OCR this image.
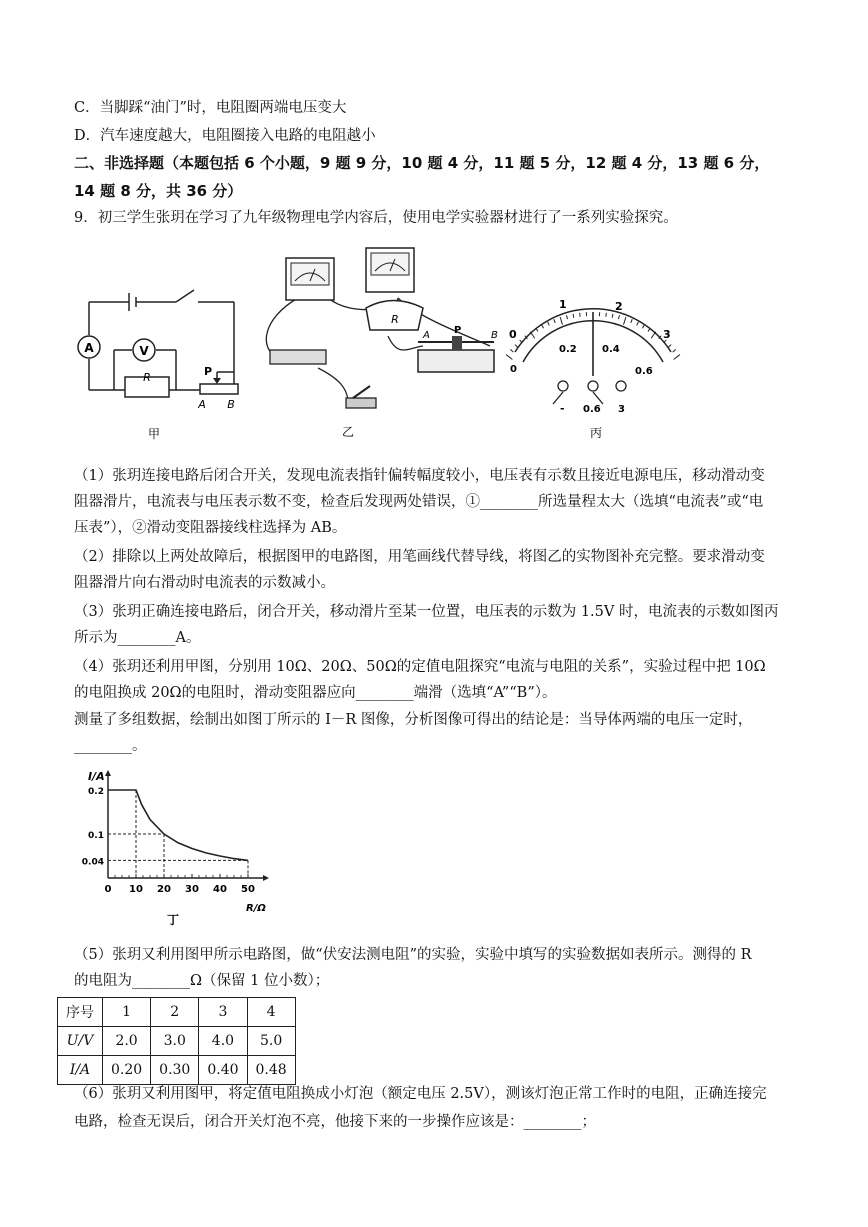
C．当脚踩“油门”时，电阻圈两端电压变大
D．汽车速度越大，电阻圈接入电路的电阻越小
二、非选择题（本题包括 6 个小题，9 题 9 分，10 题 4 分，11 题 5 分，12 题 4 分，13 题 6 分，
14 题 8 分，共 36 分）
9．初三学生张玥在学习了九年级物理电学内容后，使用电学实验器材进行了一系列实验探究。
A	V
R	P
A B
甲
R
A P	B
乙
0
1	2
3
0.2	0.4
0.6
0
- 0.6 3
丙
（1）张玥连接电路后闭合开关，发现电流表指针偏转幅度较小，电压表有示数且接近电源电压，移动滑动变
阻器滑片，电流表与电压表示数不变，检查后发现两处错误，①________所选量程太大（选填“电流表”或“电
压表”），②滑动变阻器接线柱选择为 AB。
（2）排除以上两处故障后，根据图甲的电路图，用笔画线代替导线，将图乙的实物图补充完整。要求滑动变
阻器滑片向右滑动时电流表的示数减小。
（3）张玥正确连接电路后，闭合开关，移动滑片至某一位置，电压表的示数为 1.5V 时，电流表的示数如图丙
所示为________A。
（4）张玥还利用甲图，分别用 10Ω、20Ω、50Ω的定值电阻探究“电流与电阻的关系”，实验过程中把 10Ω
的电阻换成 20Ω的电阻时，滑动变阻器应向________端滑（选填“A”“B”）。
测量了多组数据，绘制出如图丁所示的 I－R 图像，分析图像可得出的结论是：当导体两端的电压一定时，
________。
0 10 20 30 40 50
0.2
0.1
0.04
I/A
R/Ω
丁
（5）张玥又利用图甲所示电路图，做“伏安法测电阻”的实验，实验中填写的实验数据如表所示。测得的 R
的电阻为________Ω（保留 1 位小数）；
序号	1	2	3	4
U/V	2.0	3.0	4.0	5.0
I/A	0.20	0.30	0.40	0.48
（6）张玥又利用图甲，将定值电阻换成小灯泡（额定电压 2.5V），测该灯泡正常工作时的电阻，正确连接完
电路，检查无误后，闭合开关灯泡不亮，他接下来的一步操作应该是：________；
